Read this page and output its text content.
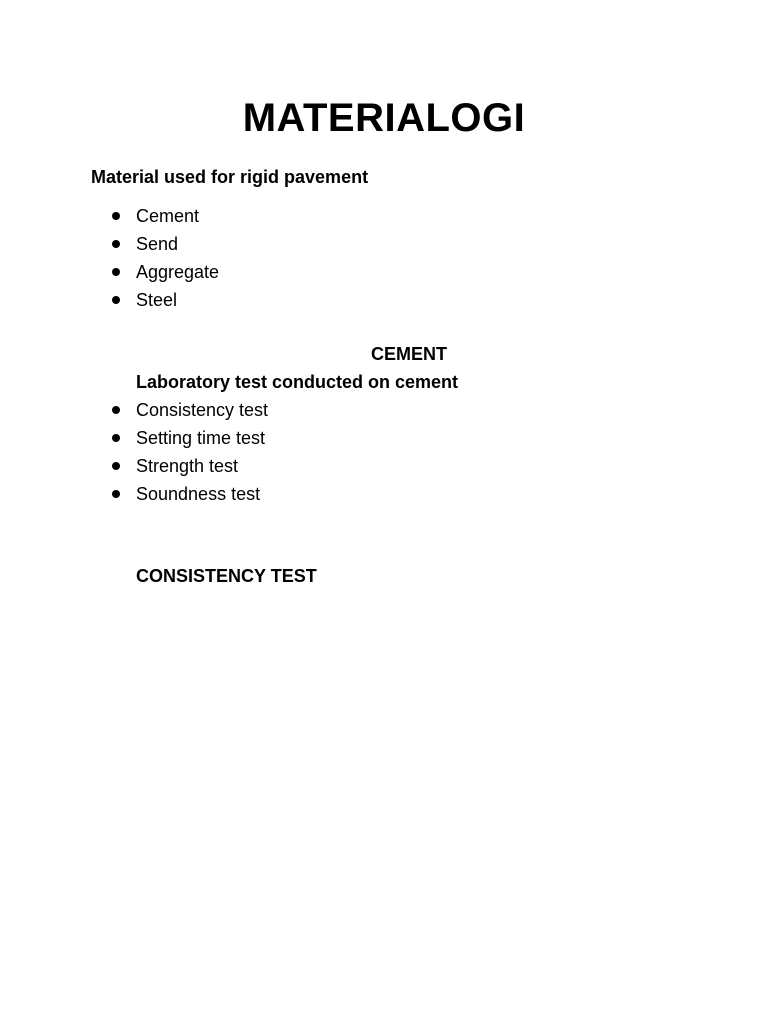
MATERIALOGI

Material used for rigid pavement

Cement
Send
Aggregate
Steel

CEMENT

Laboratory test conducted on cement

Consistency test
Setting time test
Strength test
Soundness test

CONSISTENCY TEST
